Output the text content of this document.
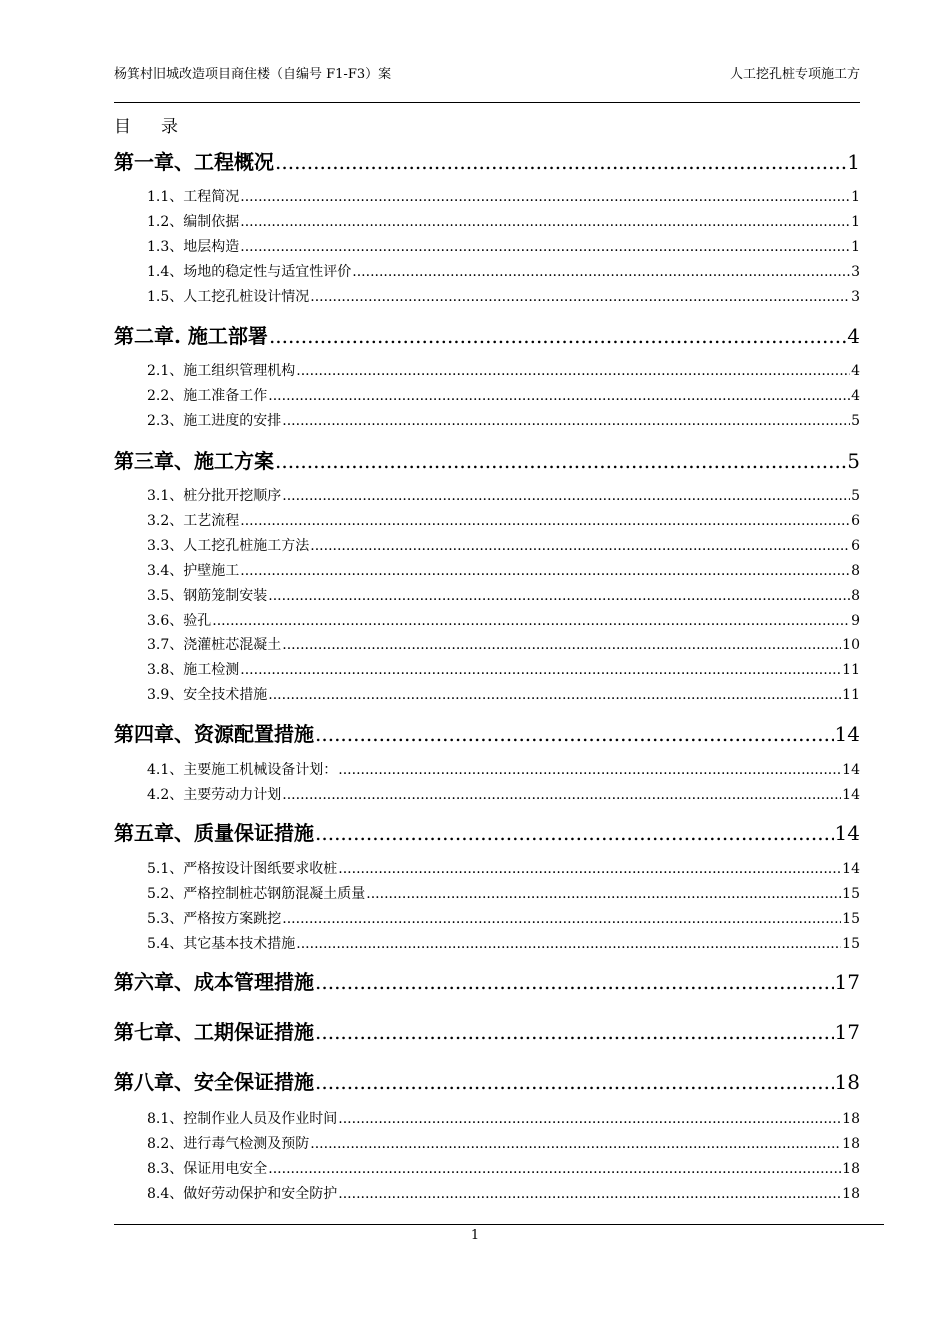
杨箕村旧城改造项目商住楼（自编号 F1-F3）案	人工挖孔桩专项施工方
目 录
第一章、工程概况 .....	1
1.1、工程简况 .....	1
1.2、编制依据 .....	1
1.3、地层构造 .....	1
1.4、场地的稳定性与适宜性评价 .....	3
1.5、人工挖孔桩设计情况 .....	3
第二章. 施工部署 .....	4
2.1、施工组织管理机构 .....	4
2.2、施工准备工作 .....	4
2.3、施工进度的安排 .....	5
第三章、施工方案 .....	5
3.1、桩分批开挖顺序 .....	5
3.2、工艺流程 .....	6
3.3、人工挖孔桩施工方法 .....	6
3.4、护壁施工 .....	8
3.5、钢筋笼制安装 .....	8
3.6、验孔 .....	9
3.7、浇灌桩芯混凝土 .....	10
3.8、施工检测 .....	11
3.9、安全技术措施 .....	11
第四章、资源配置措施 .....	14
4.1、主要施工机械设备计划： .....	14
4.2、主要劳动力计划 .....	14
第五章、质量保证措施 .....	14
5.1、严格按设计图纸要求收桩 .....	14
5.2、严格控制桩芯钢筋混凝土质量 .....	15
5.3、严格按方案跳挖 .....	15
5.4、其它基本技术措施 .....	15
第六章、成本管理措施 .....	17
第七章、工期保证措施 .....	17
第八章、安全保证措施 .....	18
8.1、控制作业人员及作业时间 .....	18
8.2、进行毒气检测及预防 .....	18
8.3、保证用电安全 .....	18
8.4、做好劳动保护和安全防护 .....	18
1
